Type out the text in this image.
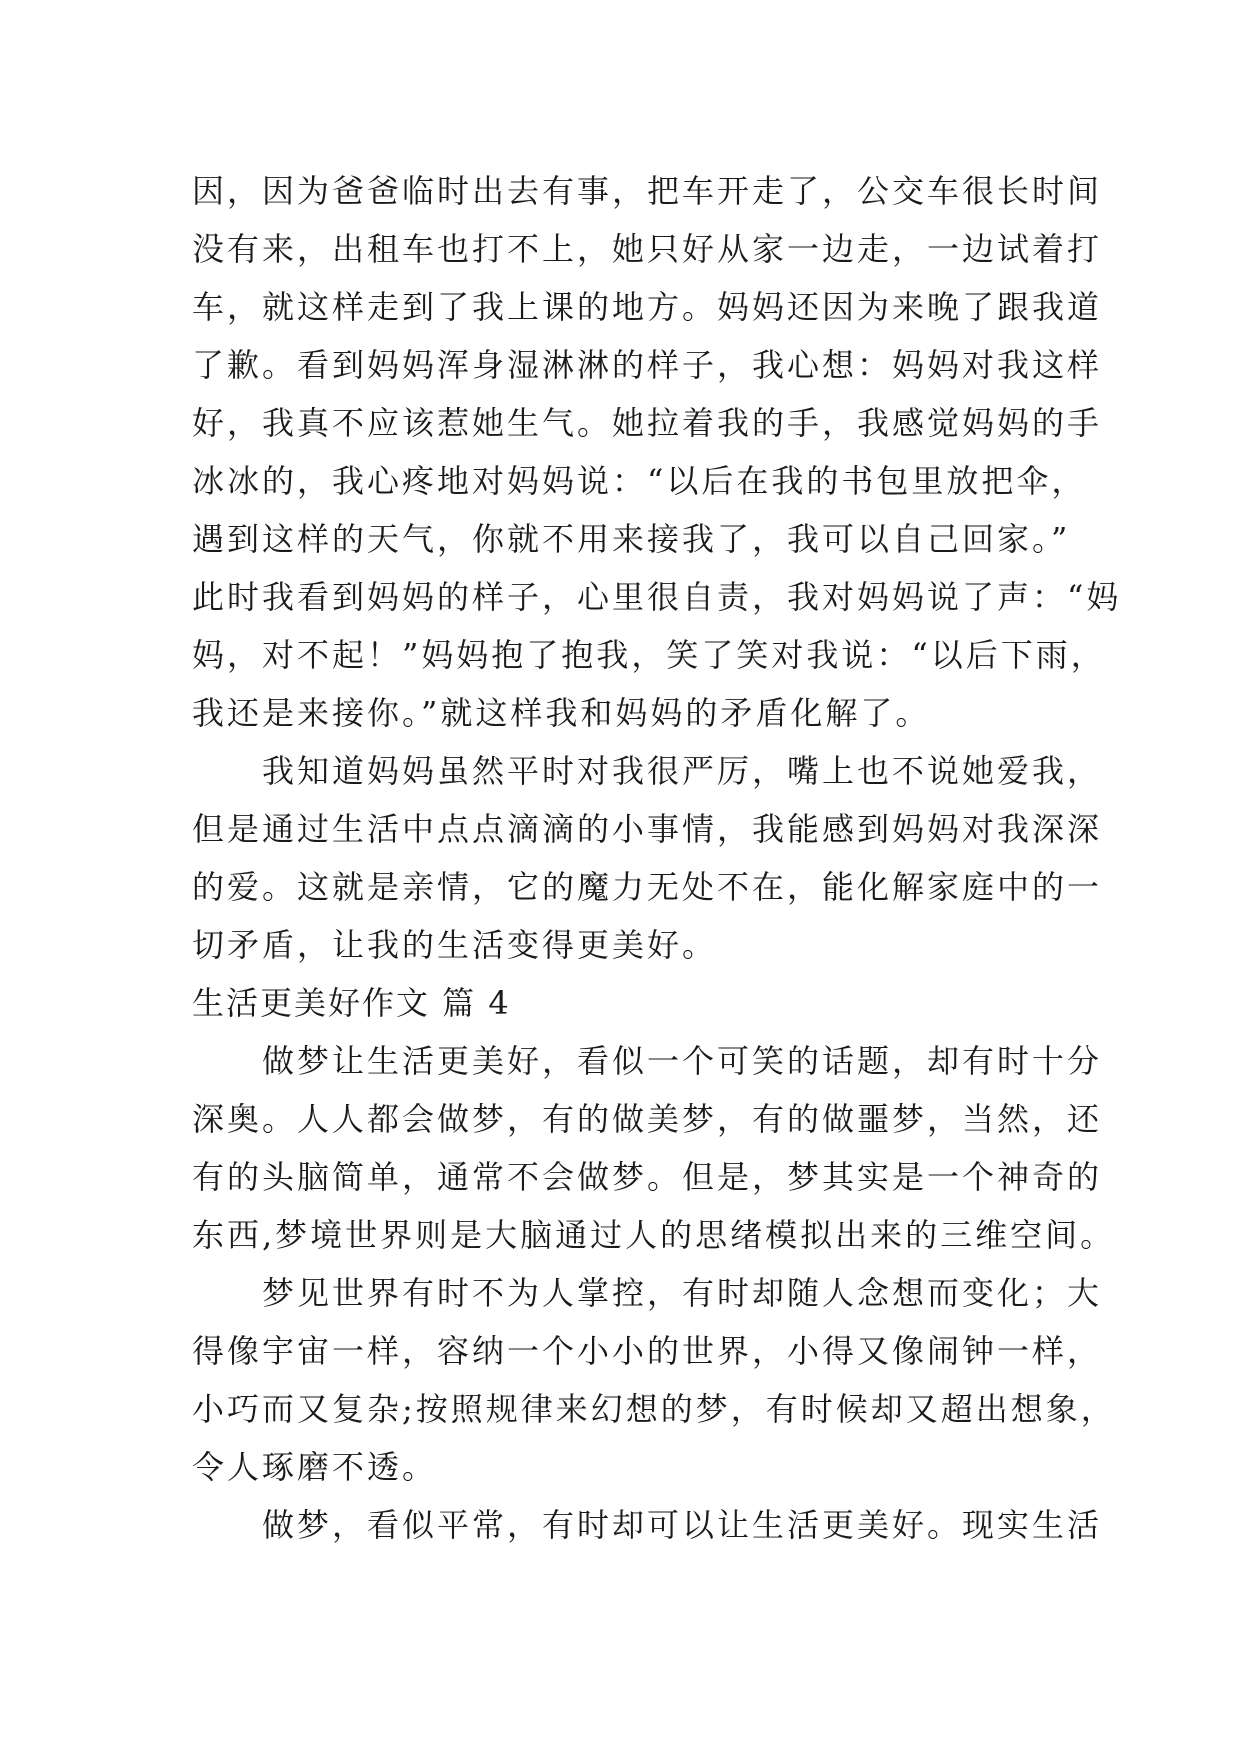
因，因为爸爸临时出去有事，把车开走了，公交车很长时间
没有来，出租车也打不上，她只好从家一边走，一边试着打
车，就这样走到了我上课的地方。妈妈还因为来晚了跟我道
了歉。看到妈妈浑身湿淋淋的样子，我心想：妈妈对我这样
好，我真不应该惹她生气。她拉着我的手，我感觉妈妈的手
冰冰的，我心疼地对妈妈说：“以后在我的书包里放把伞，
遇到这样的天气，你就不用来接我了，我可以自己回家。”
此时我看到妈妈的样子，心里很自责，我对妈妈说了声：“妈
妈，对不起！”妈妈抱了抱我，笑了笑对我说：“以后下雨，
我还是来接你。”就这样我和妈妈的矛盾化解了。

我知道妈妈虽然平时对我很严厉，嘴上也不说她爱我，
但是通过生活中点点滴滴的小事情，我能感到妈妈对我深深
的爱。这就是亲情，它的魔力无处不在，能化解家庭中的一
切矛盾，让我的生活变得更美好。

生活更美好作文 篇 4

做梦让生活更美好，看似一个可笑的话题，却有时十分
深奥。人人都会做梦，有的做美梦，有的做噩梦，当然，还
有的头脑简单，通常不会做梦。但是，梦其实是一个神奇的
东西,梦境世界则是大脑通过人的思绪模拟出来的三维空间。

梦见世界有时不为人掌控，有时却随人念想而变化；大
得像宇宙一样，容纳一个小小的世界，小得又像闹钟一样，
小巧而又复杂;按照规律来幻想的梦，有时候却又超出想象，
令人琢磨不透。

做梦，看似平常，有时却可以让生活更美好。现实生活
